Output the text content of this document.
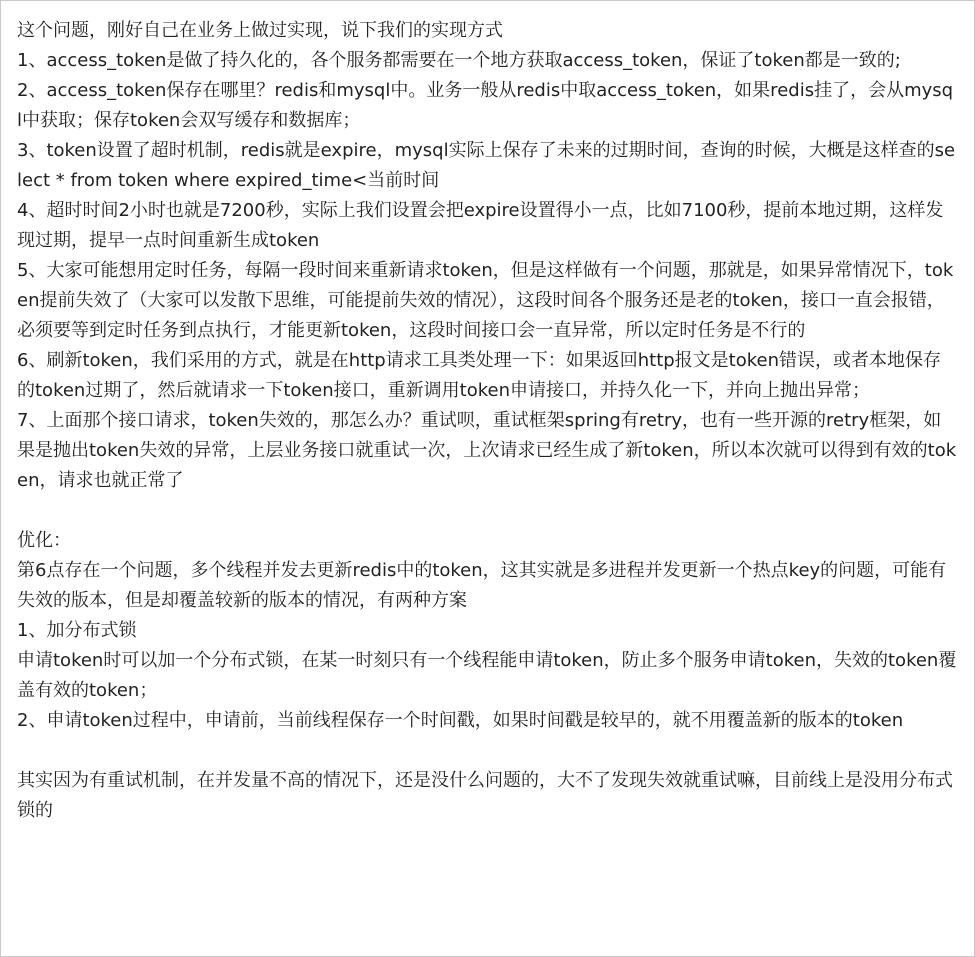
这个问题，刚好自己在业务上做过实现，说下我们的实现方式

1、access_token是做了持久化的，各个服务都需要在一个地方获取access_token，保证了token都是一致的;

2、access_token保存在哪里？redis和mysql中。业务一般从redis中取access_token，如果redis挂了，会从mysql中获取；保存token会双写缓存和数据库；

3、token设置了超时机制，redis就是expire，mysql实际上保存了未来的过期时间，查询的时候，大概是这样查的select * from token where expired_time<当前时间

4、超时时间2小时也就是7200秒，实际上我们设置会把expire设置得小一点，比如7100秒，提前本地过期，这样发现过期，提早一点时间重新生成token

5、大家可能想用定时任务，每隔一段时间来重新请求token，但是这样做有一个问题，那就是，如果异常情况下，token提前失效了（大家可以发散下思维，可能提前失效的情况），这段时间各个服务还是老的token，接口一直会报错，必须要等到定时任务到点执行，才能更新token，这段时间接口会一直异常，所以定时任务是不行的

6、刷新token，我们采用的方式，就是在http请求工具类处理一下：如果返回http报文是token错误，或者本地保存的token过期了，然后就请求一下token接口，重新调用token申请接口，并持久化一下，并向上抛出异常；

7、上面那个接口请求，token失效的，那怎么办？重试呗，重试框架spring有retry，也有一些开源的retry框架，如果是抛出token失效的异常，上层业务接口就重试一次，上次请求已经生成了新token，所以本次就可以得到有效的token，请求也就正常了

优化：

第6点存在一个问题，多个线程并发去更新redis中的token，这其实就是多进程并发更新一个热点key的问题，可能有失效的版本，但是却覆盖较新的版本的情况，有两种方案

1、加分布式锁

申请token时可以加一个分布式锁，在某一时刻只有一个线程能申请token，防止多个服务申请token，失效的token覆盖有效的token；

2、申请token过程中，申请前，当前线程保存一个时间戳，如果时间戳是较早的，就不用覆盖新的版本的token

其实因为有重试机制，在并发量不高的情况下，还是没什么问题的，大不了发现失效就重试嘛，目前线上是没用分布式锁的
